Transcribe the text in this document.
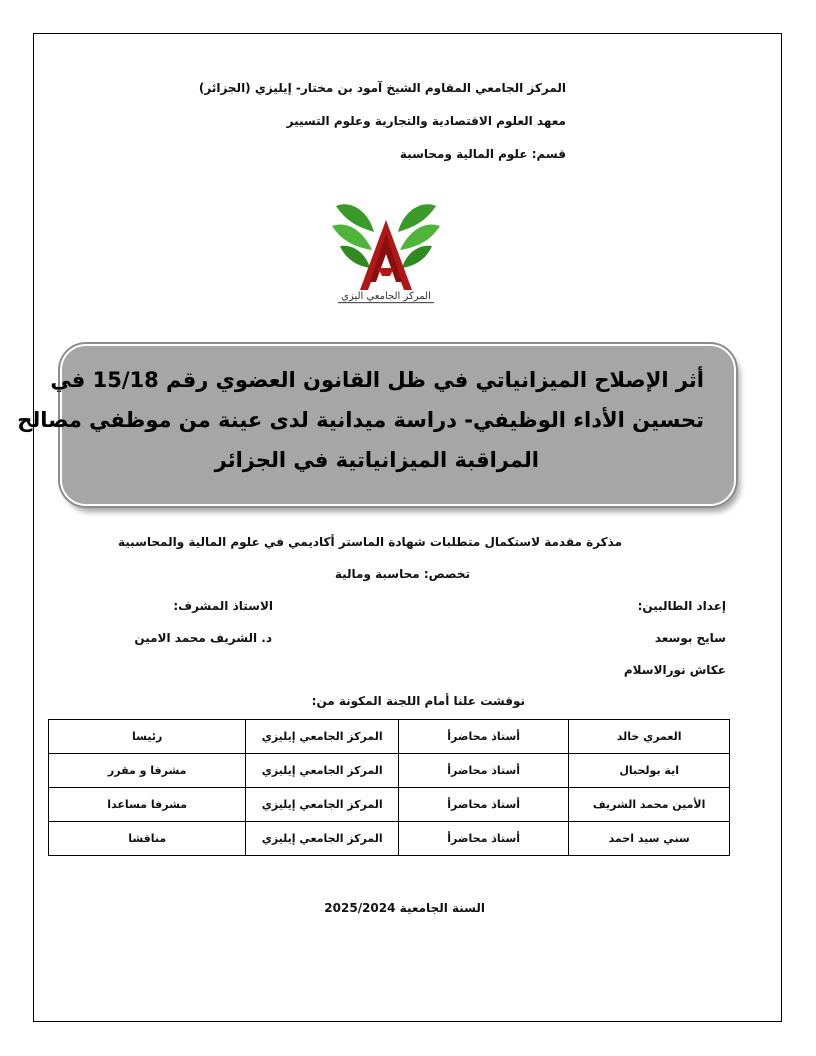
المركز الجامعي المقاوم الشيخ آمود بن مختار- إيليزي (الجزائر)
معهد العلوم الاقتصادية والتجارية وعلوم التسيير
قسم: علوم المالية ومحاسبة
المركز الجامعي اليزي
أثر الإصلاح الميزانياتي في ظل القانون العضوي رقم 15/18 في
تحسين الأداء الوظيفي- دراسة ميدانية لدى عينة من موظفي مصالح
المراقبة الميزانياتية في الجزائر
مذكرة مقدمة لاستكمال متطلبات شهادة الماستر أكاديمي في علوم المالية والمحاسبية
تخصص: محاسبة ومالية
إعداد الطالبين:
الاستاذ المشرف:
سايح بوسعد
د. الشريف محمد الامين
عكاش نورالاسلام
نوقشت علنا أمام اللجنة المكونة من:
العمري خالد	أستاذ محاضرأ	المركز الجامعي إيليزي	رئيسا
اية بولحبال	أستاذ محاضرأ	المركز الجامعي إيليزي	مشرفا و مقرر
الأمين محمد الشريف	أستاذ محاضرأ	المركز الجامعي إيليزي	مشرفا مساعدا
سني سيد احمد	أستاذ محاضرأ	المركز الجامعي إيليزي	مناقشا
السنة الجامعية 2025/2024
